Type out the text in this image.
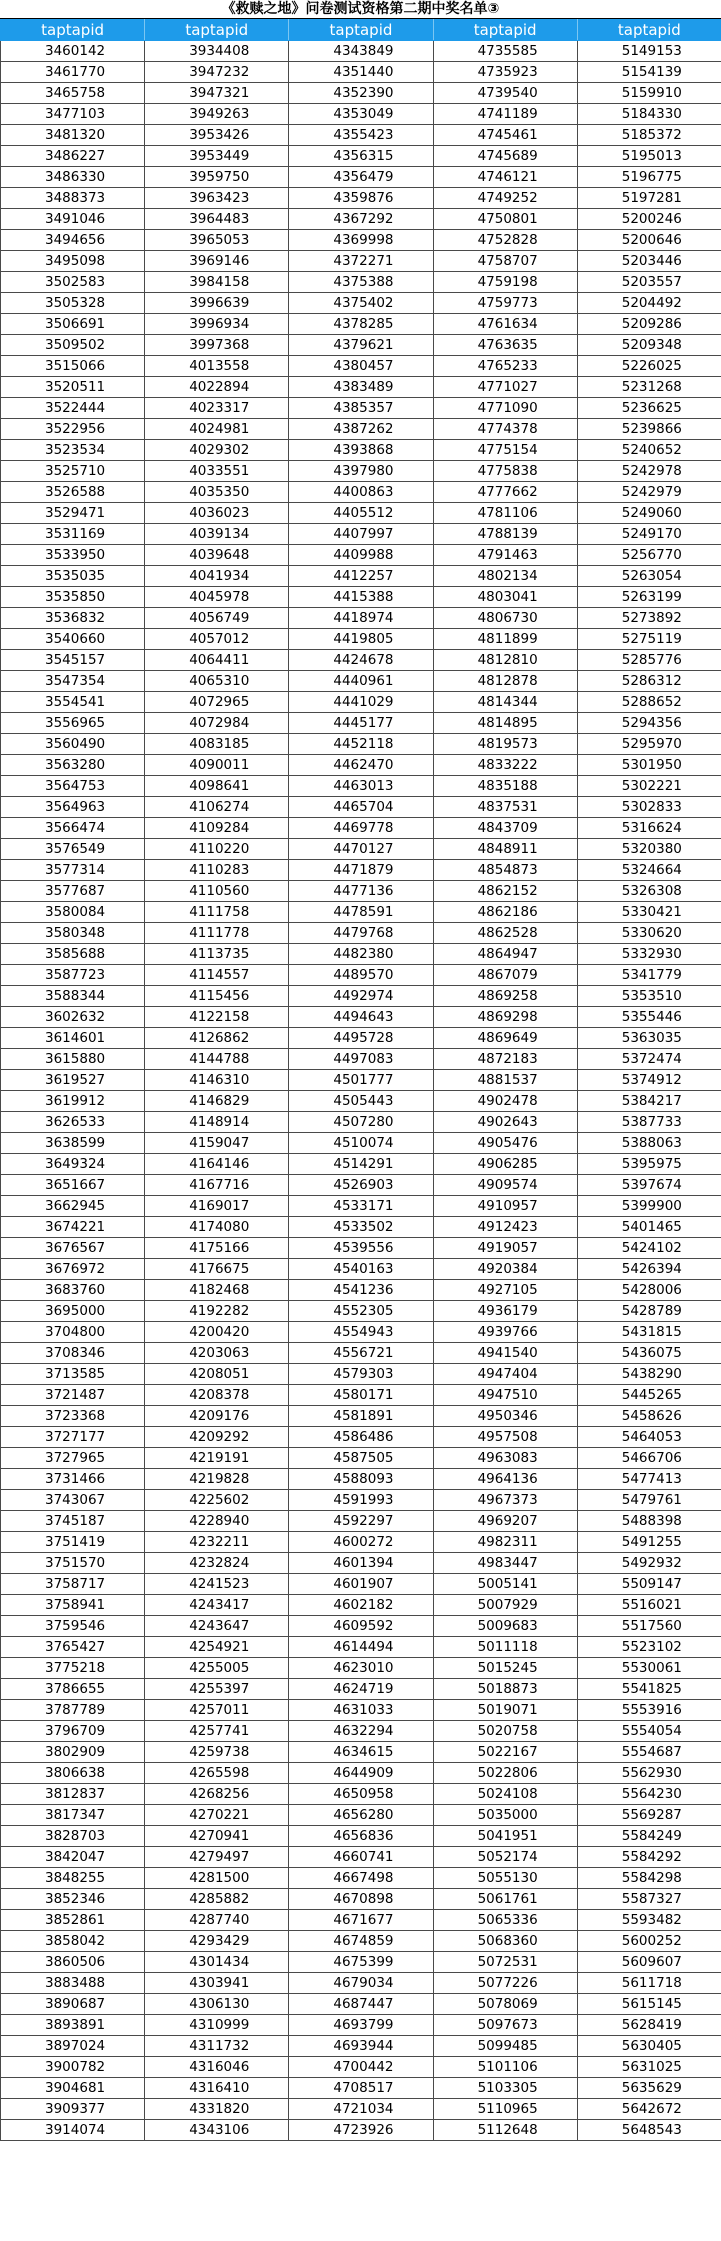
《救赎之地》问卷测试资格第二期中奖名单③
taptapid	taptapid	taptapid	taptapid	taptapid
3460142	3934408	4343849	4735585	5149153
3461770	3947232	4351440	4735923	5154139
3465758	3947321	4352390	4739540	5159910
3477103	3949263	4353049	4741189	5184330
3481320	3953426	4355423	4745461	5185372
3486227	3953449	4356315	4745689	5195013
3486330	3959750	4356479	4746121	5196775
3488373	3963423	4359876	4749252	5197281
3491046	3964483	4367292	4750801	5200246
3494656	3965053	4369998	4752828	5200646
3495098	3969146	4372271	4758707	5203446
3502583	3984158	4375388	4759198	5203557
3505328	3996639	4375402	4759773	5204492
3506691	3996934	4378285	4761634	5209286
3509502	3997368	4379621	4763635	5209348
3515066	4013558	4380457	4765233	5226025
3520511	4022894	4383489	4771027	5231268
3522444	4023317	4385357	4771090	5236625
3522956	4024981	4387262	4774378	5239866
3523534	4029302	4393868	4775154	5240652
3525710	4033551	4397980	4775838	5242978
3526588	4035350	4400863	4777662	5242979
3529471	4036023	4405512	4781106	5249060
3531169	4039134	4407997	4788139	5249170
3533950	4039648	4409988	4791463	5256770
3535035	4041934	4412257	4802134	5263054
3535850	4045978	4415388	4803041	5263199
3536832	4056749	4418974	4806730	5273892
3540660	4057012	4419805	4811899	5275119
3545157	4064411	4424678	4812810	5285776
3547354	4065310	4440961	4812878	5286312
3554541	4072965	4441029	4814344	5288652
3556965	4072984	4445177	4814895	5294356
3560490	4083185	4452118	4819573	5295970
3563280	4090011	4462470	4833222	5301950
3564753	4098641	4463013	4835188	5302221
3564963	4106274	4465704	4837531	5302833
3566474	4109284	4469778	4843709	5316624
3576549	4110220	4470127	4848911	5320380
3577314	4110283	4471879	4854873	5324664
3577687	4110560	4477136	4862152	5326308
3580084	4111758	4478591	4862186	5330421
3580348	4111778	4479768	4862528	5330620
3585688	4113735	4482380	4864947	5332930
3587723	4114557	4489570	4867079	5341779
3588344	4115456	4492974	4869258	5353510
3602632	4122158	4494643	4869298	5355446
3614601	4126862	4495728	4869649	5363035
3615880	4144788	4497083	4872183	5372474
3619527	4146310	4501777	4881537	5374912
3619912	4146829	4505443	4902478	5384217
3626533	4148914	4507280	4902643	5387733
3638599	4159047	4510074	4905476	5388063
3649324	4164146	4514291	4906285	5395975
3651667	4167716	4526903	4909574	5397674
3662945	4169017	4533171	4910957	5399900
3674221	4174080	4533502	4912423	5401465
3676567	4175166	4539556	4919057	5424102
3676972	4176675	4540163	4920384	5426394
3683760	4182468	4541236	4927105	5428006
3695000	4192282	4552305	4936179	5428789
3704800	4200420	4554943	4939766	5431815
3708346	4203063	4556721	4941540	5436075
3713585	4208051	4579303	4947404	5438290
3721487	4208378	4580171	4947510	5445265
3723368	4209176	4581891	4950346	5458626
3727177	4209292	4586486	4957508	5464053
3727965	4219191	4587505	4963083	5466706
3731466	4219828	4588093	4964136	5477413
3743067	4225602	4591993	4967373	5479761
3745187	4228940	4592297	4969207	5488398
3751419	4232211	4600272	4982311	5491255
3751570	4232824	4601394	4983447	5492932
3758717	4241523	4601907	5005141	5509147
3758941	4243417	4602182	5007929	5516021
3759546	4243647	4609592	5009683	5517560
3765427	4254921	4614494	5011118	5523102
3775218	4255005	4623010	5015245	5530061
3786655	4255397	4624719	5018873	5541825
3787789	4257011	4631033	5019071	5553916
3796709	4257741	4632294	5020758	5554054
3802909	4259738	4634615	5022167	5554687
3806638	4265598	4644909	5022806	5562930
3812837	4268256	4650958	5024108	5564230
3817347	4270221	4656280	5035000	5569287
3828703	4270941	4656836	5041951	5584249
3842047	4279497	4660741	5052174	5584292
3848255	4281500	4667498	5055130	5584298
3852346	4285882	4670898	5061761	5587327
3852861	4287740	4671677	5065336	5593482
3858042	4293429	4674859	5068360	5600252
3860506	4301434	4675399	5072531	5609607
3883488	4303941	4679034	5077226	5611718
3890687	4306130	4687447	5078069	5615145
3893891	4310999	4693799	5097673	5628419
3897024	4311732	4693944	5099485	5630405
3900782	4316046	4700442	5101106	5631025
3904681	4316410	4708517	5103305	5635629
3909377	4331820	4721034	5110965	5642672
3914074	4343106	4723926	5112648	5648543
